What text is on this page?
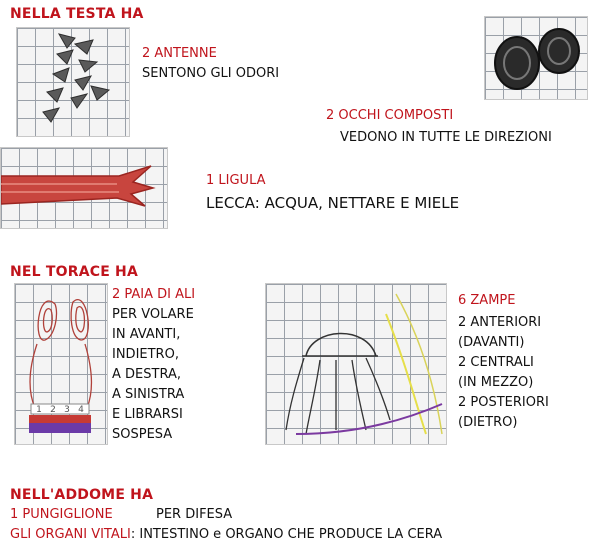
NELLA TESTA HA
2 ANTENNE
SENTONO GLI ODORI
2 OCCHI COMPOSTI
VEDONO IN TUTTE LE DIREZIONI
1 LIGULA
LECCA: ACQUA, NETTARE E MIELE
NEL TORACE HA
1 2 3 4
2 PAIA DI ALI
PER VOLARE
IN AVANTI,
INDIETRO,
A DESTRA,
A SINISTRA
E LIBRARSI
SOSPESA
6 ZAMPE
2 ANTERIORI
(DAVANTI)
2 CENTRALI
(IN MEZZO)
2 POSTERIORI
(DIETRO)
NELL'ADDOME HA
1 PUNGIGLIONE	PER DIFESA
GLI ORGANI VITALI: INTESTINO e ORGANO CHE PRODUCE LA CERA
